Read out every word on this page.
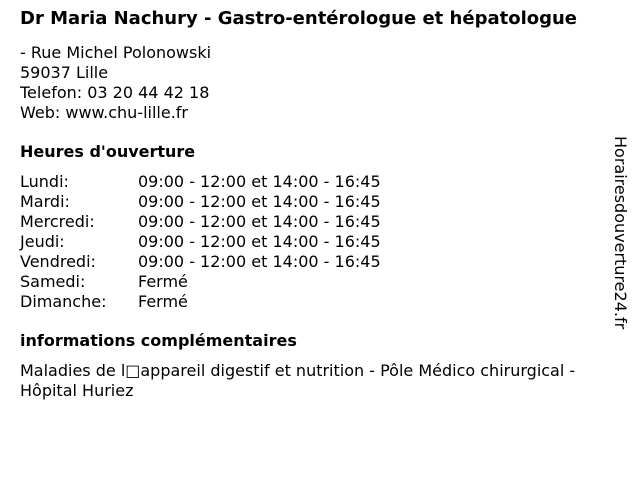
Dr Maria Nachury - Gastro-entérologue et hépatologue
- Rue Michel Polonowski
59037 Lille
Telefon: 03 20 44 42 18
Web: www.chu-lille.fr
Heures d'ouverture
Lundi:	09:00 - 12:00 et 14:00 - 16:45
Mardi:	09:00 - 12:00 et 14:00 - 16:45
Mercredi:	09:00 - 12:00 et 14:00 - 16:45
Jeudi:	09:00 - 12:00 et 14:00 - 16:45
Vendredi:	09:00 - 12:00 et 14:00 - 16:45
Samedi:	Fermé
Dimanche:	Fermé
informations complémentaires
Maladies de l□appareil digestif et nutrition - Pôle Médico chirurgical - Hôpital Huriez
Horairesdouverture24.fr
